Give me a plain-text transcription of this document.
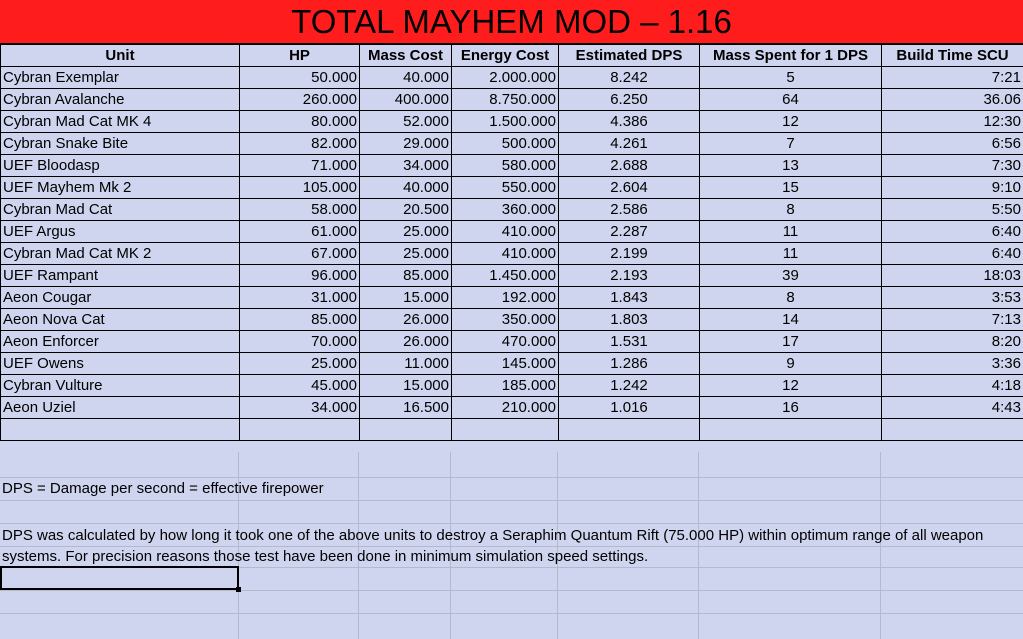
TOTAL MAYHEM MOD – 1.16
Unit	HP	Mass Cost	Energy Cost	Estimated DPS	Mass Spent for 1 DPS	Build Time SCU
Cybran Exemplar	50.000	40.000	2.000.000	8.242	5	7:21
Cybran Avalanche	260.000	400.000	8.750.000	6.250	64	36.06
Cybran Mad Cat MK 4	80.000	52.000	1.500.000	4.386	12	12:30
Cybran Snake Bite	82.000	29.000	500.000	4.261	7	6:56
UEF Bloodasp	71.000	34.000	580.000	2.688	13	7:30
UEF Mayhem Mk 2	105.000	40.000	550.000	2.604	15	9:10
Cybran Mad Cat	58.000	20.500	360.000	2.586	8	5:50
UEF Argus	61.000	25.000	410.000	2.287	11	6:40
Cybran Mad Cat MK 2	67.000	25.000	410.000	2.199	11	6:40
UEF Rampant	96.000	85.000	1.450.000	2.193	39	18:03
Aeon Cougar	31.000	15.000	192.000	1.843	8	3:53
Aeon Nova Cat	85.000	26.000	350.000	1.803	14	7:13
Aeon Enforcer	70.000	26.000	470.000	1.531	17	8:20
UEF Owens	25.000	11.000	145.000	1.286	9	3:36
Cybran Vulture	45.000	15.000	185.000	1.242	12	4:18
Aeon Uziel	34.000	16.500	210.000	1.016	16	4:43

DPS = Damage per second = effective firepower
DPS was calculated by how long it took one of the above units to destroy a Seraphim Quantum Rift (75.000 HP) within optimum range of all weapon systems. For precision reasons those test have been done in minimum simulation speed settings.
